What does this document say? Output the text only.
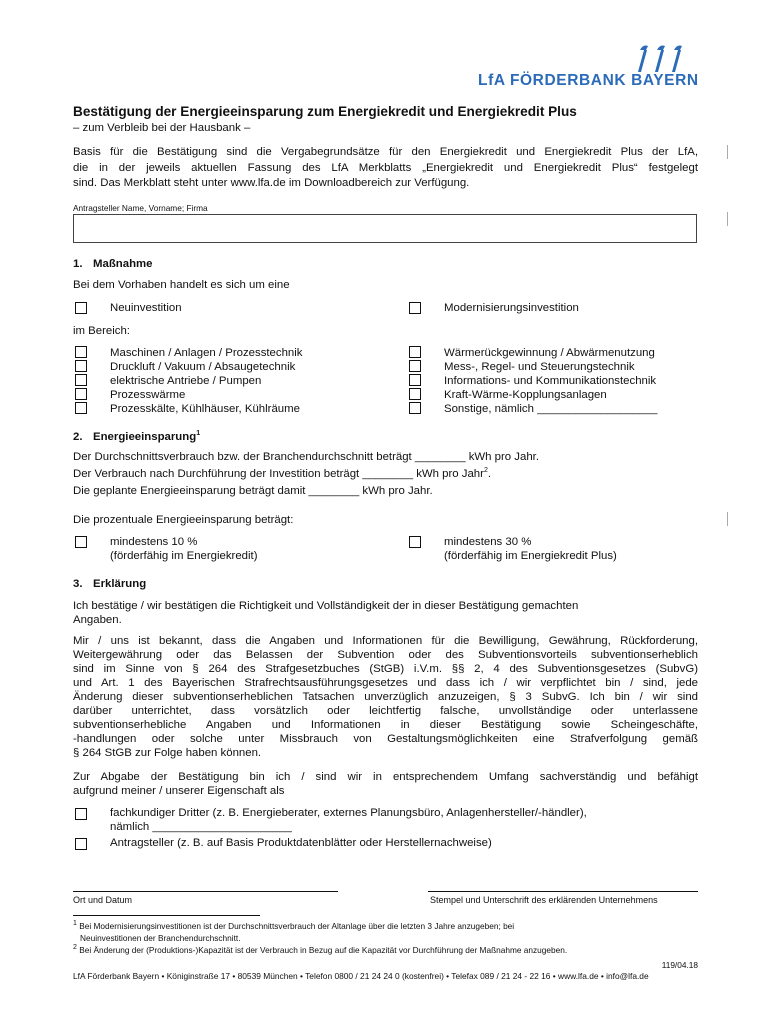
LfA FÖRDERBANK BAYERN
Bestätigung der Energieeinsparung zum Energiekredit und Energiekredit Plus
– zum Verbleib bei der Hausbank –
Basis für die Bestätigung sind die Vergabegrundsätze für den Energiekredit und Energiekredit Plus der LfA,
die in der jeweils aktuellen Fassung des LfA Merkblatts „Energiekredit und Energiekredit Plus“ festgelegt
sind. Das Merkblatt steht unter www.lfa.de im Downloadbereich zur Verfügung.
Antragsteller Name, Vorname; Firma
1. Maßnahme
Bei dem Vorhaben handelt es sich um eine
Neuinvestition	Modernisierungsinvestition
im Bereich:
Maschinen / Anlagen / Prozesstechnik
Druckluft / Vakuum / Absaugetechnik
elektrische Antriebe / Pumpen
Prozesswärme
Prozesskälte, Kühlhäuser, Kühlräume
Wärmerückgewinnung / Abwärmenutzung
Mess-, Regel- und Steuerungstechnik
Informations- und Kommunikationstechnik
Kraft-Wärme-Kopplungsanlagen
Sonstige, nämlich ___________________
2. Energieeinsparung$^1$
Der Durchschnittsverbrauch bzw. der Branchendurchschnitt beträgt ________ kWh pro Jahr.
Der Verbrauch nach Durchführung der Investition beträgt ________ kWh pro Jahr$^2$.
Die geplante Energieeinsparung beträgt damit ________ kWh pro Jahr.
Die prozentuale Energieeinsparung beträgt:
mindestens 10 %
(förderfähig im Energiekredit)
mindestens 30 %
(förderfähig im Energiekredit Plus)
3. Erklärung
Ich bestätige / wir bestätigen die Richtigkeit und Vollständigkeit der in dieser Bestätigung gemachten
Angaben.
Mir / uns ist bekannt, dass die Angaben und Informationen für die Bewilligung, Gewährung, Rückforderung,
Weitergewährung oder das Belassen der Subvention oder des Subventionsvorteils subventionserheblich
sind im Sinne von § 264 des Strafgesetzbuches (StGB) i.V.m. §§ 2, 4 des Subventionsgesetzes (SubvG)
und Art. 1 des Bayerischen Strafrechtsausführungsgesetzes und dass ich / wir verpflichtet bin / sind, jede
Änderung dieser subventionserheblichen Tatsachen unverzüglich anzuzeigen, § 3 SubvG. Ich bin / wir sind
darüber unterrichtet, dass vorsätzlich oder leichtfertig falsche, unvollständige oder unterlassene
subventionserhebliche Angaben und Informationen in dieser Bestätigung sowie Scheingeschäfte,
-handlungen oder solche unter Missbrauch von Gestaltungsmöglichkeiten eine Strafverfolgung gemäß
§ 264 StGB zur Folge haben können.
Zur Abgabe der Bestätigung bin ich / sind wir in entsprechendem Umfang sachverständig und befähigt
aufgrund meiner / unserer Eigenschaft als
fachkundiger Dritter (z. B. Energieberater, externes Planungsbüro, Anlagenhersteller/-händler),
nämlich ______________________
Antragsteller (z. B. auf Basis Produktdatenblätter oder Herstellernachweise)
Ort und Datum	Stempel und Unterschrift des erklärenden Unternehmens
$^1$ Bei Modernisierungsinvestitionen ist der Durchschnittsverbrauch der Altanlage über die letzten 3 Jahre anzugeben; bei
Neuinvestitionen der Branchendurchschnitt.
$^2$ Bei Änderung der (Produktions-)Kapazität ist der Verbrauch in Bezug auf die Kapazität vor Durchführung der Maßnahme anzugeben.
119/04.18
LfA Förderbank Bayern • Königinstraße 17 • 80539 München • Telefon 0800 / 21 24 24 0 (kostenfrei) • Telefax 089 / 21 24 - 22 16 • www.lfa.de • info@lfa.de
